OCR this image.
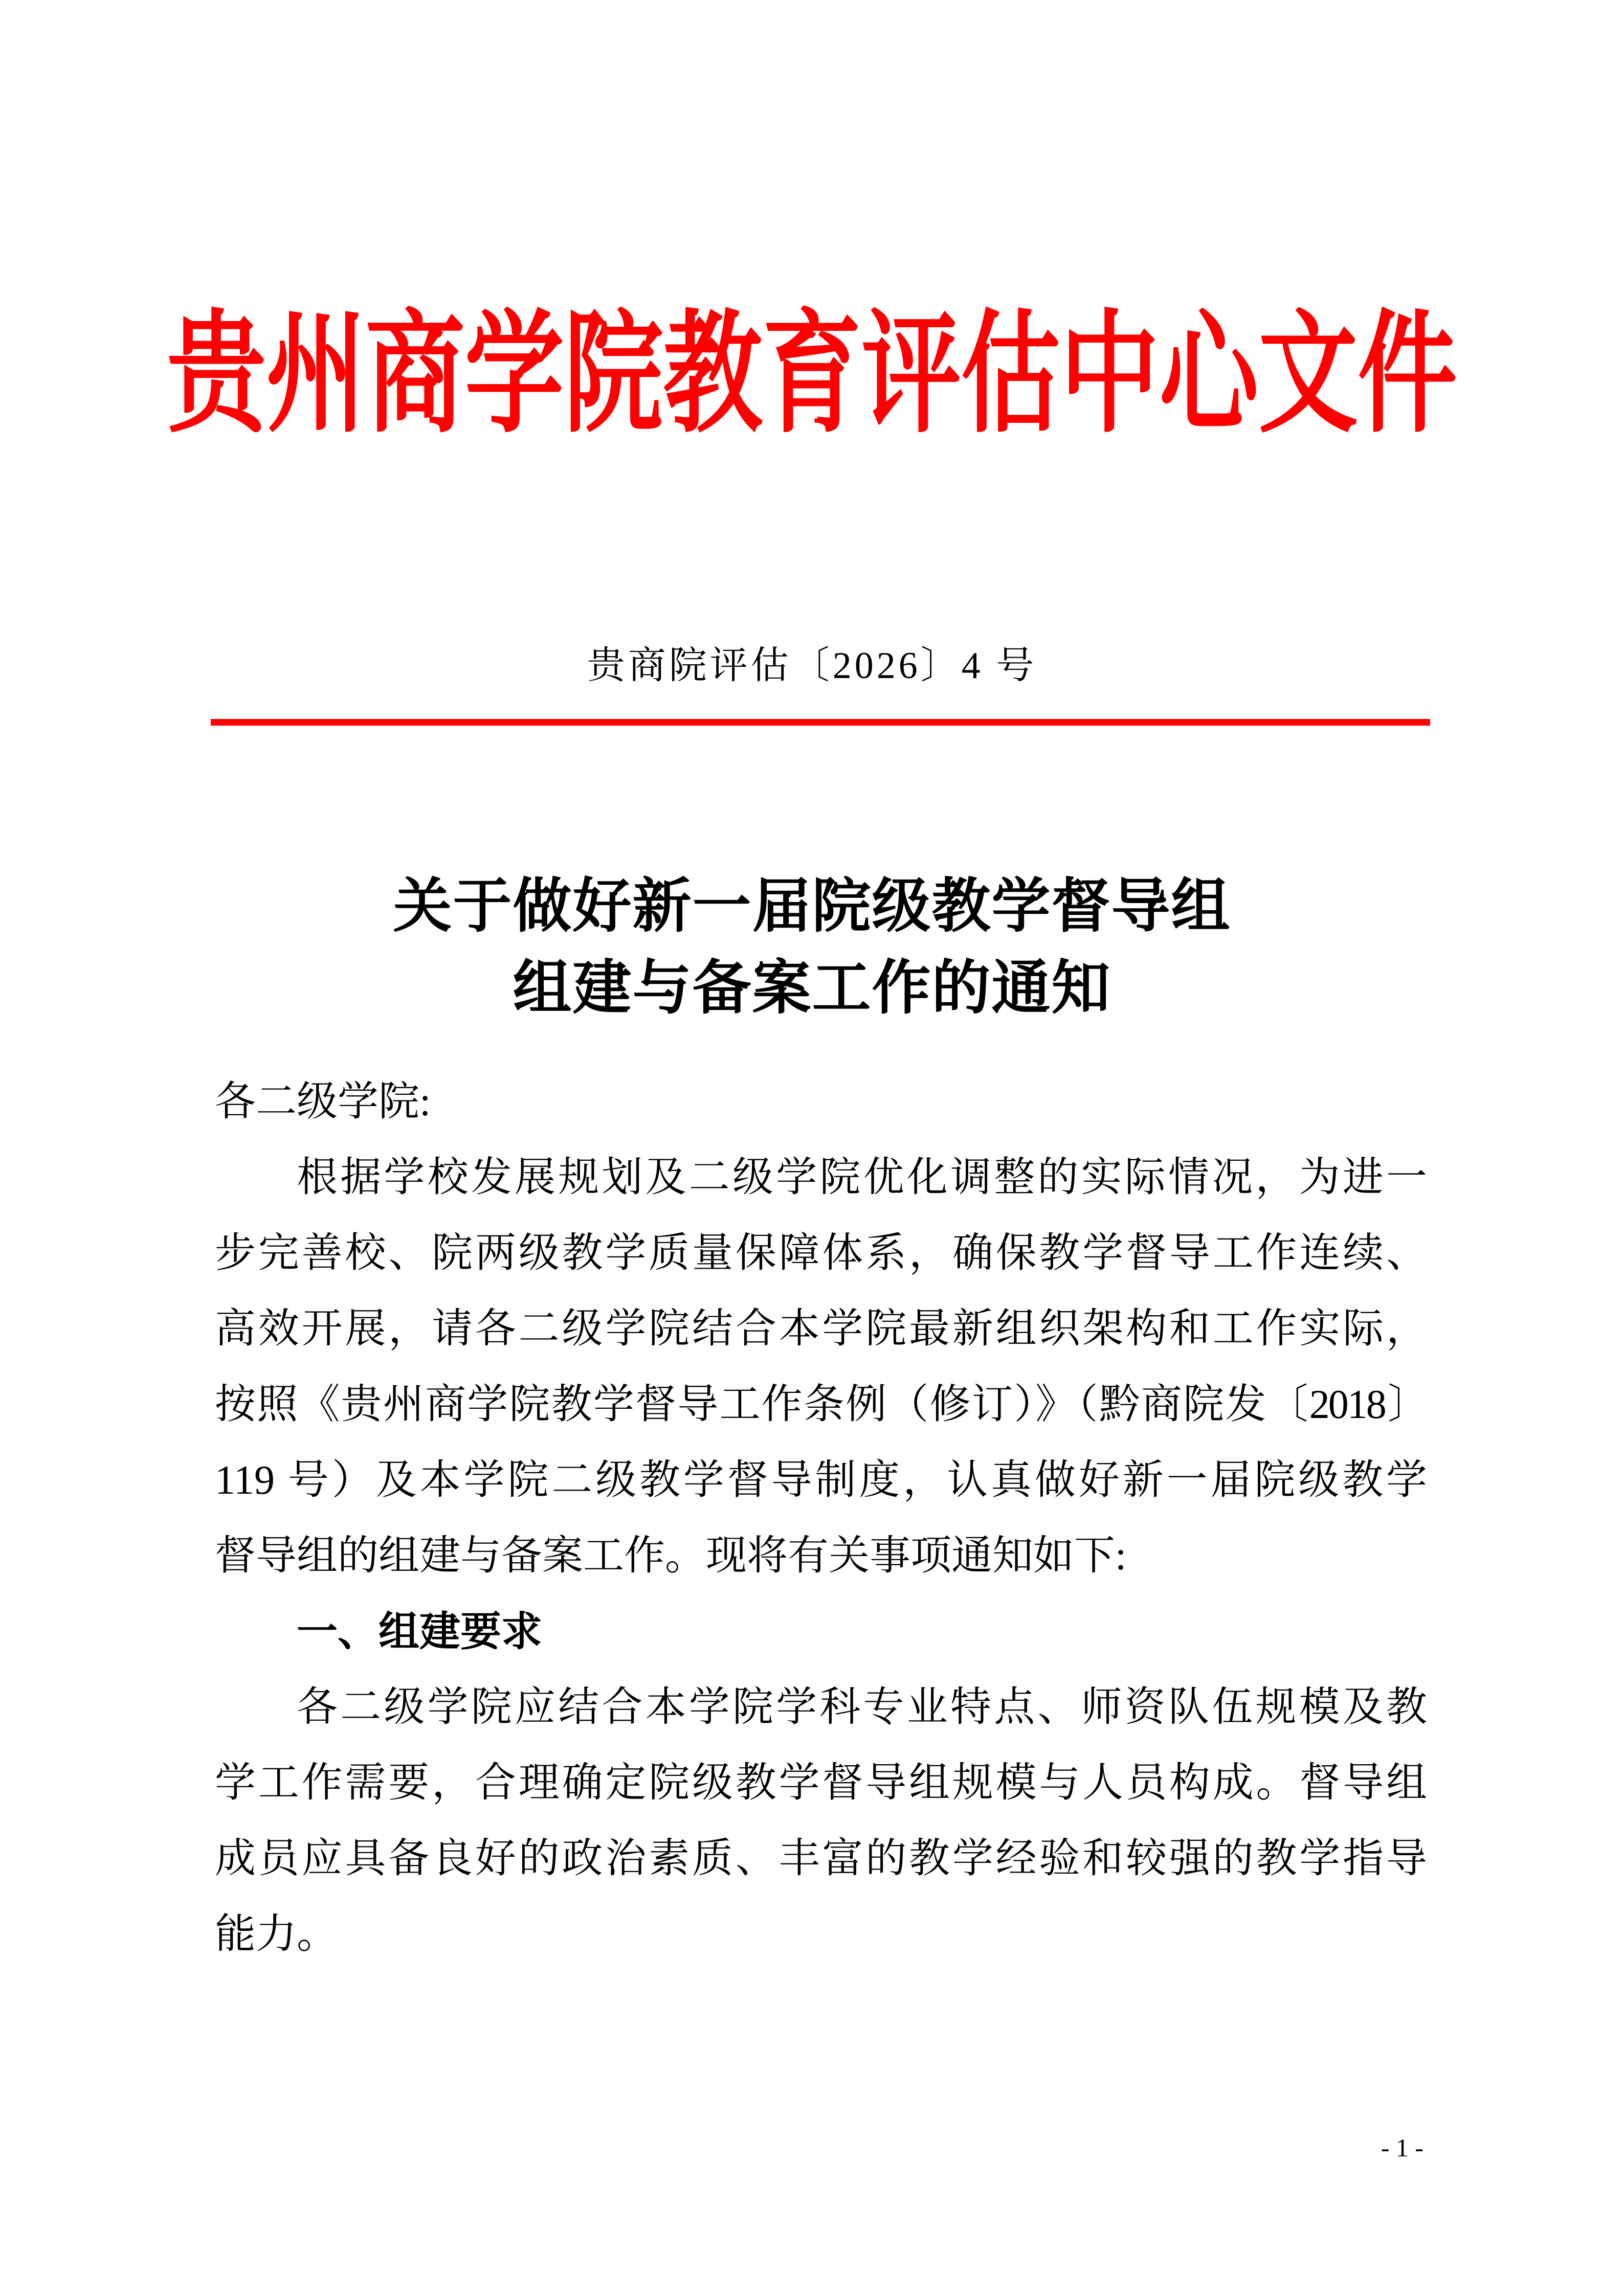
贵州商学院教育评估中心文件
贵商院评估〔2026〕4 号
关于做好新一届院级教学督导组
组建与备案工作的通知
各二级学院:
根据学校发展规划及二级学院优化调整的实际情况，为进一
步完善校、院两级教学质量保障体系，确保教学督导工作连续、
高效开展，请各二级学院结合本学院最新组织架构和工作实际，
按照《贵州商学院教学督导工作条例（修订）》（黔商院发〔2018〕
119 号）及本学院二级教学督导制度，认真做好新一届院级教学
督导组的组建与备案工作。现将有关事项通知如下:
一、组建要求
各二级学院应结合本学院学科专业特点、师资队伍规模及教
学工作需要，合理确定院级教学督导组规模与人员构成。督导组
成员应具备良好的政治素质、丰富的教学经验和较强的教学指导
能力。
- 1 -
